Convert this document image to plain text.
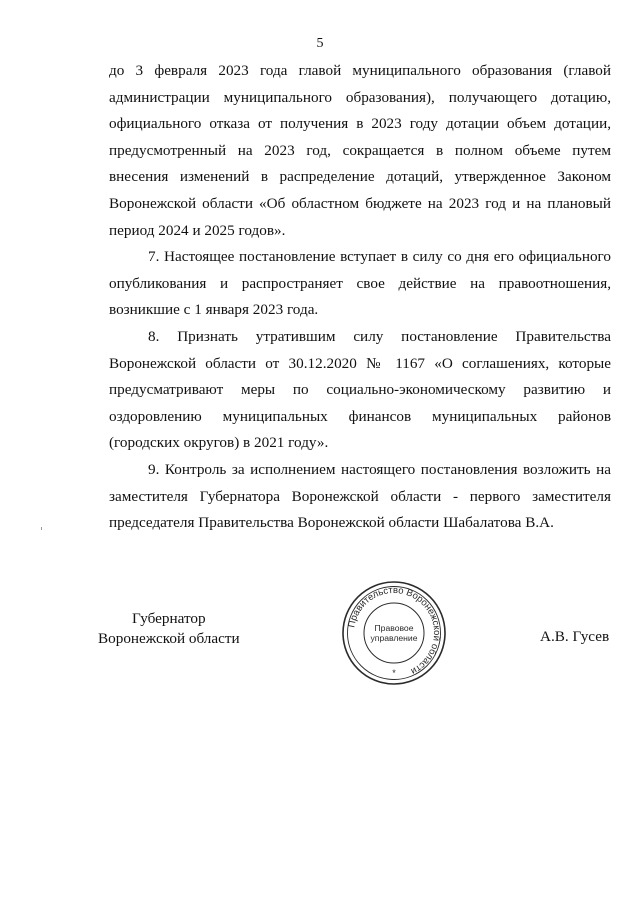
5

до 3 февраля 2023 года главой муниципального образования (главой администрации муниципального образования), получающего дотацию, официального отказа от получения в 2023 году дотации объем дотации, предусмотренный на 2023 год, сокращается в полном объеме путем внесения изменений в распределение дотаций, утвержденное Законом Воронежской области «Об областном бюджете на 2023 год и на плановый период 2024 и 2025 годов».

7. Настоящее постановление вступает в силу со дня его официального опубликования и распространяет свое действие на правоотношения, возникшие с 1 января 2023 года.

8. Признать утратившим силу постановление Правительства Воронежской области от 30.12.2020 № 1167 «О соглашениях, которые предусматривают меры по социально-экономическому развитию и оздоровлению муниципальных финансов муниципальных районов (городских округов) в 2021 году».

9. Контроль за исполнением настоящего постановления возложить на заместителя Губернатора Воронежской области - первого заместителя председателя Правительства Воронежской области Шабалатова В.А.

Губернатор
Воронежской области	А.В. Гусев
Правительство Воронежской области
Правовое
управление
*
